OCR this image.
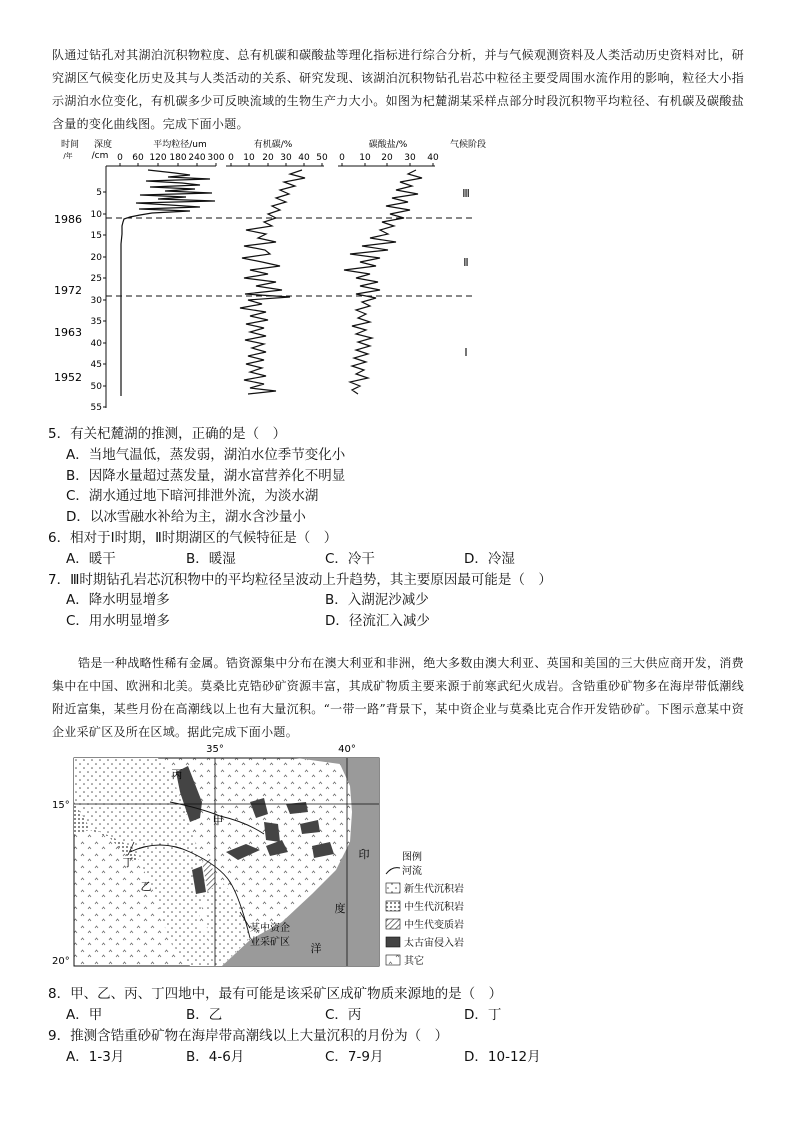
队通过钻孔对其湖泊沉积物粒度、总有机碳和碳酸盐等理化指标进行综合分析，并与气候观测资料及人类活动历史资料对比，研究湖区气候变化历史及其与人类活动的关系、研究发现、该湖泊沉积物钻孔岩芯中粒径主要受周围水流作用的影响，粒径大小指示湖泊水位变化，有机碳多少可反映流域的生物生产力大小。如图为杞麓湖某采样点部分时段沉积物平均粒径、有机碳及碳酸盐含量的变化曲线图。完成下面小题。
时间
/年
深度
/cm
平均粒径/um	有机碳/%	碳酸盐/%	气候阶段
0 60 120 180 240 300 0 10 20 30 40 50 0 10 20 30 40
5
10
15
20
25
30
35
40
45
50
55
1986
1972
1963
1952
Ⅲ
Ⅱ
Ⅰ
5．有关杞麓湖的推测，正确的是（　）
A．当地气温低，蒸发弱，湖泊水位季节变化小
B．因降水量超过蒸发量，湖水富营养化不明显
C．湖水通过地下暗河排泄外流，为淡水湖
D．以冰雪融水补给为主，湖水含沙量小
6．相对于Ⅰ时期，Ⅱ时期湖区的气候特征是（　）
A．暖干	B．暖湿	C．冷干	D．冷湿
7．Ⅲ时期钻孔岩芯沉积物中的平均粒径呈波动上升趋势，其主要原因最可能是（　）
A．降水明显增多	B．入湖泥沙减少
C．用水明显增多	D．径流汇入减少
锆是一种战略性稀有金属。锆资源集中分布在澳大利亚和非洲，绝大多数由澳大利亚、英国和美国的三大供应商开发，消费集中在中国、欧洲和北美。莫桑比克锆砂矿资源丰富，其成矿物质主要来源于前寒武纪火成岩。含锆重砂矿物多在海岸带低潮线附近富集，某些月份在高潮线以上也有大量沉积。“一带一路”背景下，某中资企业与莫桑比克合作开发锆砂矿。下图示意某中资企业采矿区及所在区域。据此完成下面小题。
35°	40°
15°
20°
丙
甲
乙
丁
印
度
洋
某中资企
业采矿区
图例
河流
新生代沉积岩
中生代沉积岩
中生代变质岩
太古宙侵入岩
其它
8．甲、乙、丙、丁四地中，最有可能是该采矿区成矿物质来源地的是（　）
A．甲	B．乙	C．丙	D．丁
9．推测含锆重砂矿物在海岸带高潮线以上大量沉积的月份为（　）
A．1-3月	B．4-6月	C．7-9月	D．10-12月
